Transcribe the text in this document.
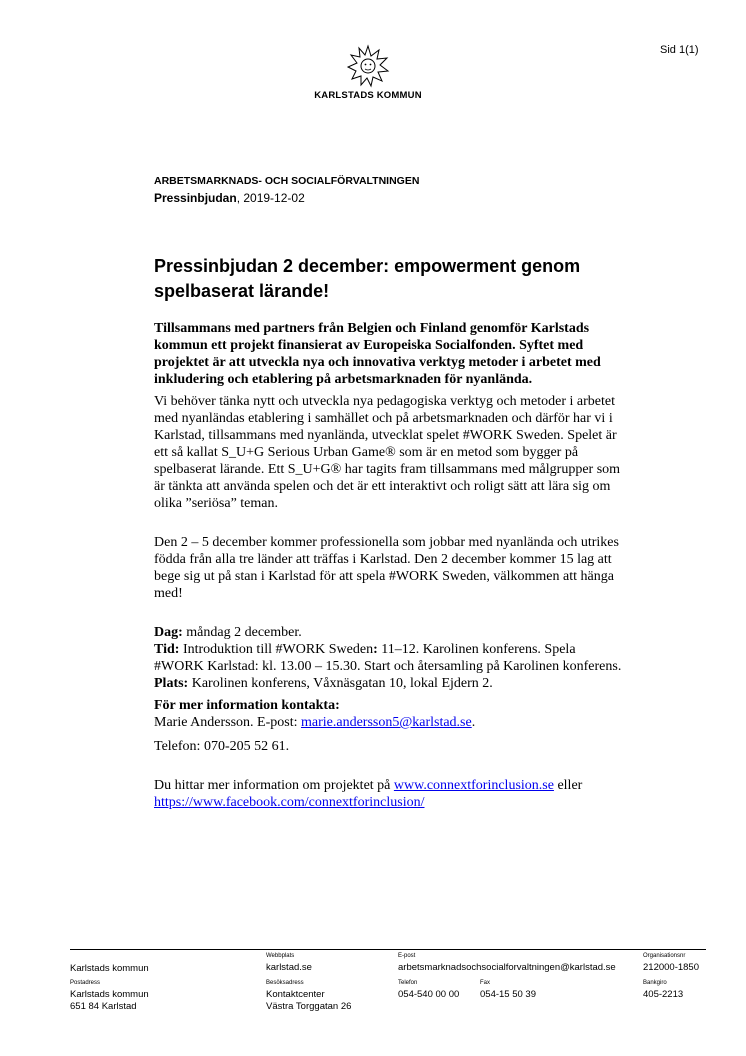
Sid 1(1)
KARLSTADS KOMMUN
ARBETSMARKNADS- OCH SOCIALFÖRVALTNINGEN
Pressinbjudan, 2019-12-02
Pressinbjudan 2 december: empowerment genom spelbaserat lärande!

Tillsammans med partners från Belgien och Finland genomför Karlstads kommun ett projekt finansierat av Europeiska Socialfonden. Syftet med projektet är att utveckla nya och innovativa verktyg metoder i arbetet med inkludering och etablering på arbetsmarknaden för nyanlända.

Vi behöver tänka nytt och utveckla nya pedagogiska verktyg och metoder i arbetet med nyanländas etablering i samhället och på arbetsmarknaden och därför har vi i Karlstad, tillsammans med nyanlända, utvecklat spelet #WORK Sweden. Spelet är ett så kallat S_U+G Serious Urban Game® som är en metod som bygger på spelbaserat lärande. Ett S_U+G® har tagits fram tillsammans med målgrupper som är tänkta att använda spelen och det är ett interaktivt och roligt sätt att lära sig om olika ”seriösa” teman.

Den 2 – 5 december kommer professionella som jobbar med nyanlända och utrikes födda från alla tre länder att träffas i Karlstad. Den 2 december kommer 15 lag att bege sig ut på stan i Karlstad för att spela #WORK Sweden, välkommen att hänga med!

Dag: måndag 2 december.
Tid: Introduktion till #WORK Sweden: 11–12. Karolinen konferens. Spela #WORK Karlstad: kl. 13.00 – 15.30. Start och återsamling på Karolinen konferens.
Plats: Karolinen konferens, Våxnäsgatan 10, lokal Ejdern 2.

För mer information kontakta:
Marie Andersson. E-post: marie.andersson5@karlstad.se.

Telefon: 070-205 52 61.

Du hittar mer information om projektet på www.connextforinclusion.se eller
https://www.facebook.com/connextforinclusion/

Karlstads kommun
Webbplats
karlstad.se
E-post
arbetsmarknadsochsocialforvaltningen@karlstad.se
Organisationsnr
212000-1850
Postadress
Karlstads kommun
651 84 Karlstad
Besöksadress
Kontaktcenter
Västra Torggatan 26
Telefon
054-540 00 00
Fax
054-15 50 39
Bankgiro
405-2213
